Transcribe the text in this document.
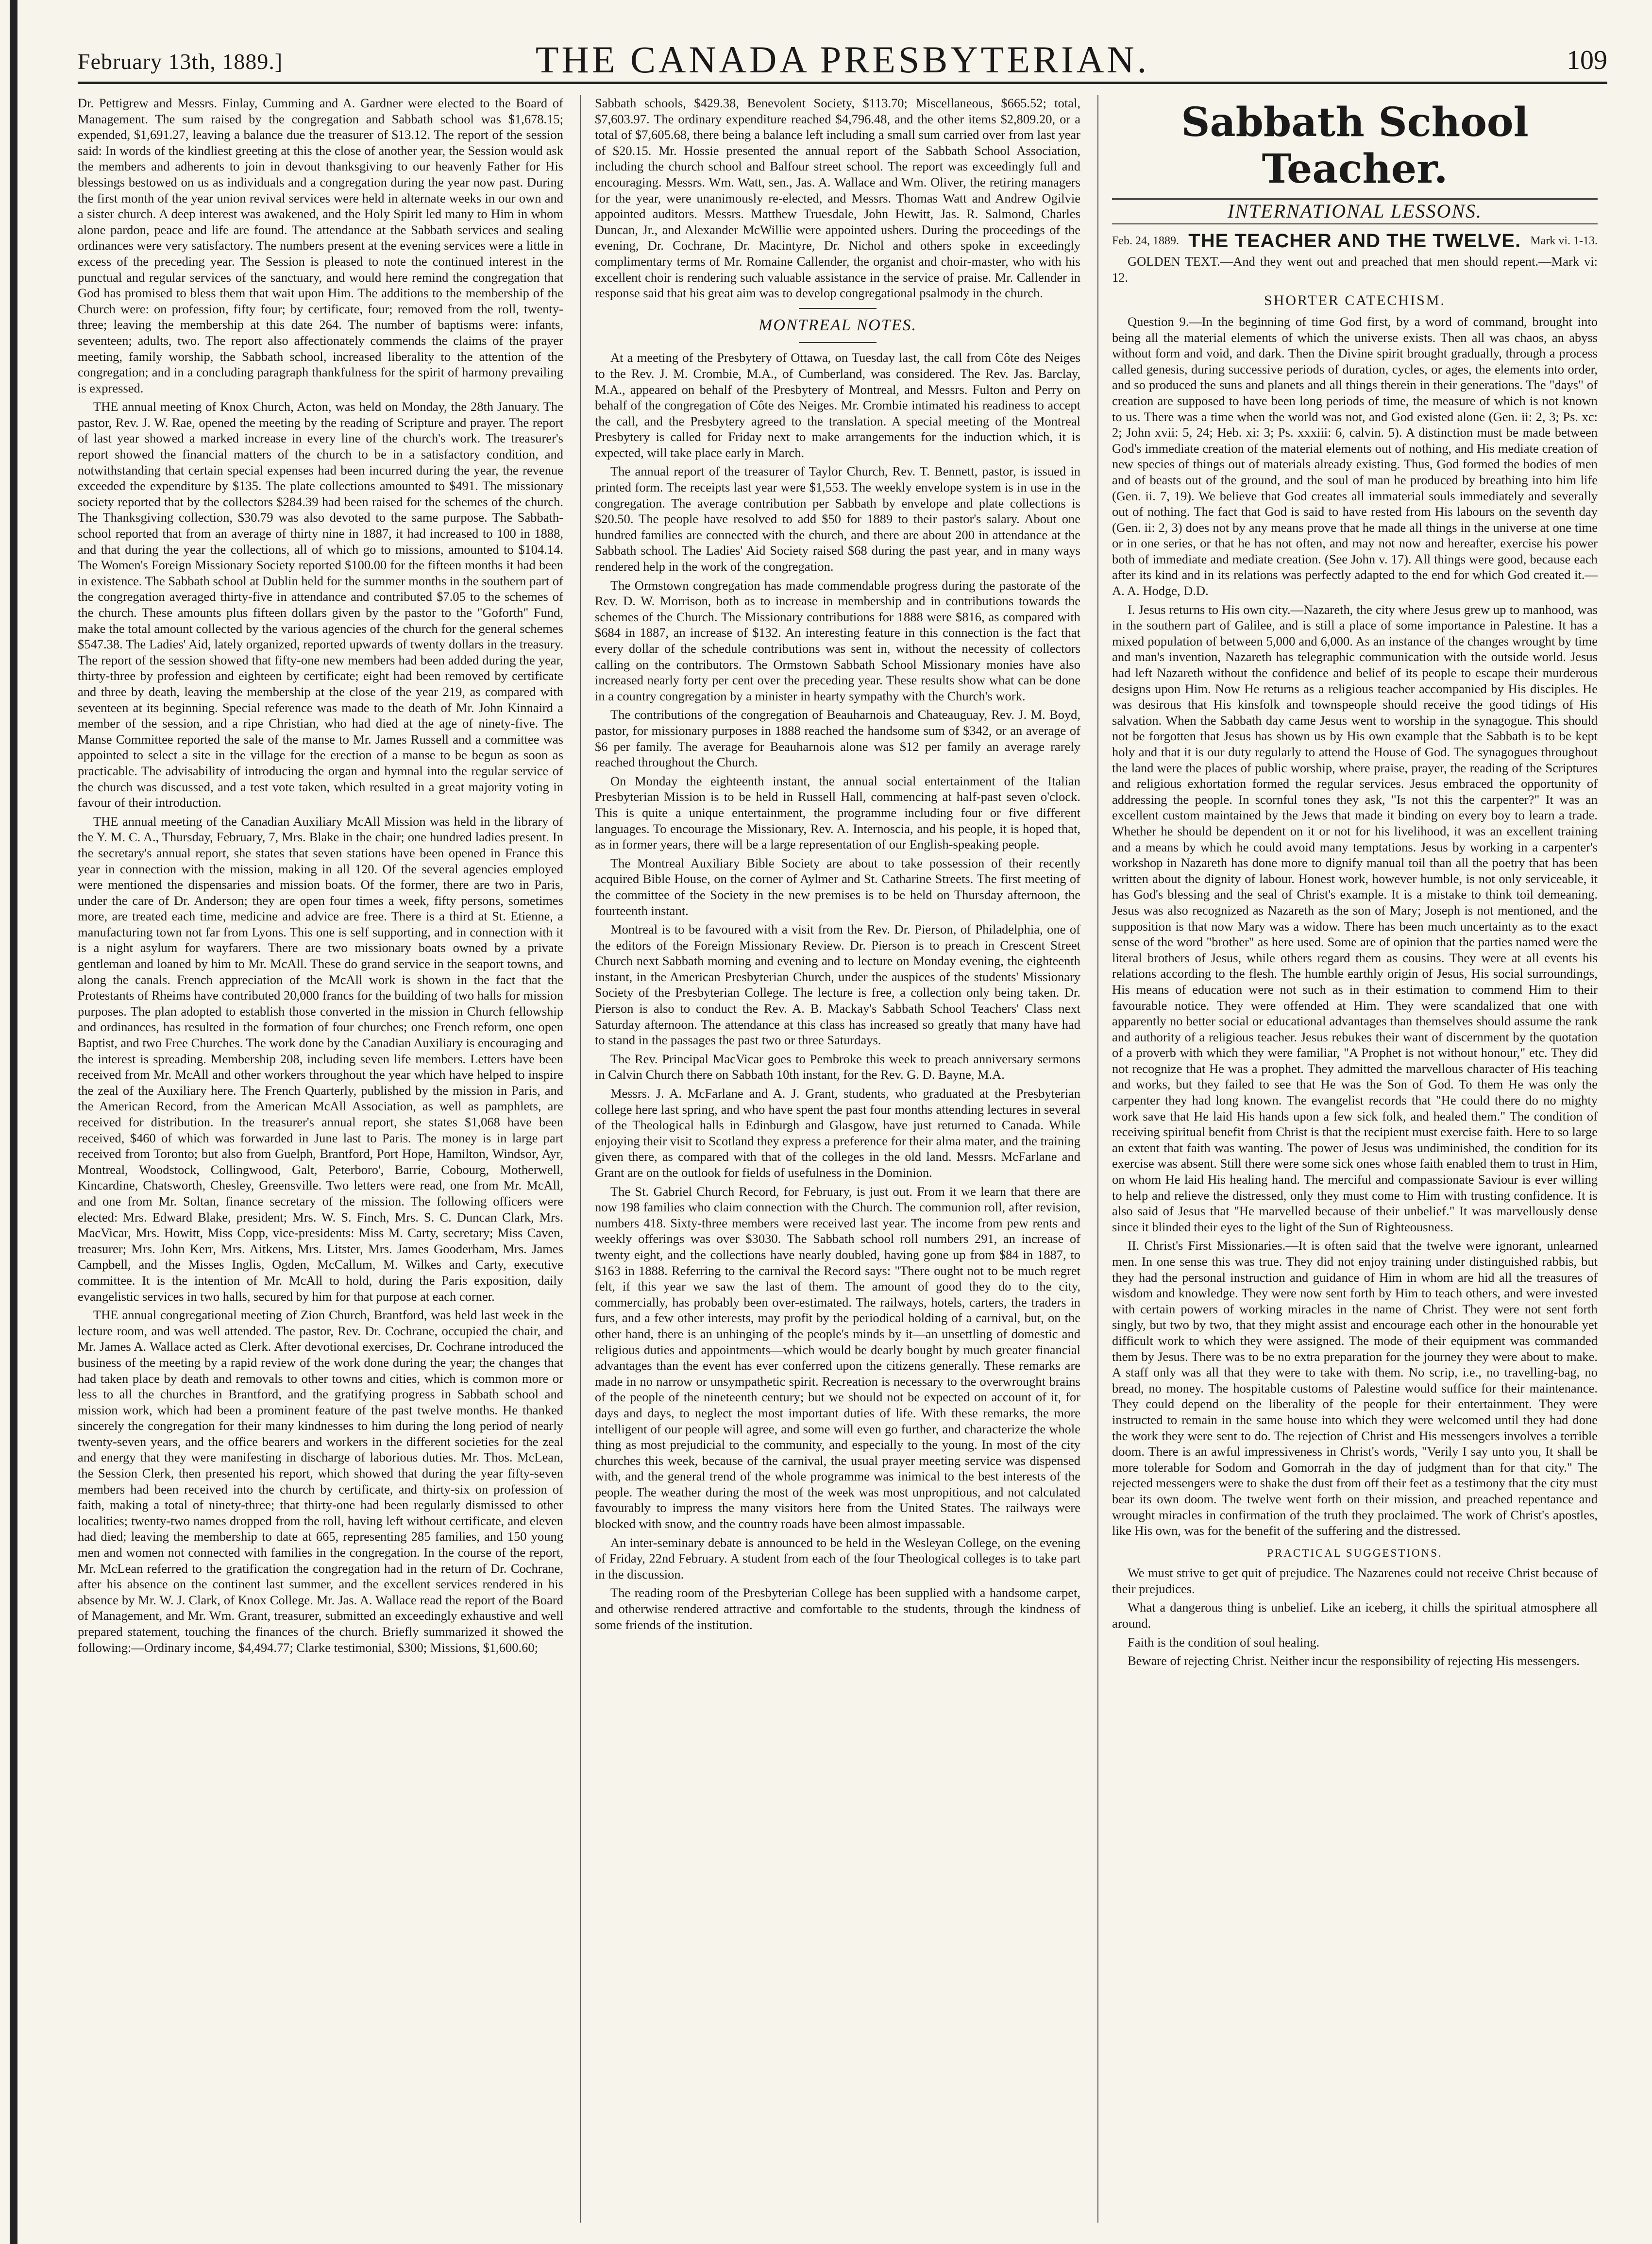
February 13th, 1889.]	THE CANADA PRESBYTERIAN.	109

Dr. Pettigrew and Messrs. Finlay, Cumming and A. Gardner were elected to the Board of Management. The sum raised by the congregation and Sabbath school was $1,678.15; expended, $1,691.27, leaving a balance due the treasurer of $13.12. The report of the session said: In words of the kindliest greeting at this the close of another year, the Session would ask the members and adherents to join in devout thanksgiving to our heavenly Father for His blessings bestowed on us as individuals and a congregation during the year now past. During the first month of the year union revival services were held in alternate weeks in our own and a sister church. A deep interest was awakened, and the Holy Spirit led many to Him in whom alone pardon, peace and life are found. The attendance at the Sabbath services and sealing ordinances were very satisfactory. The numbers present at the evening services were a little in excess of the preceding year. The Session is pleased to note the continued interest in the punctual and regular services of the sanctuary, and would here remind the congregation that God has promised to bless them that wait upon Him. The additions to the membership of the Church were: on profession, fifty four; by certificate, four; removed from the roll, twenty-three; leaving the membership at this date 264. The number of baptisms were: infants, seventeen; adults, two. The report also affectionately commends the claims of the prayer meeting, family worship, the Sabbath school, increased liberality to the attention of the congregation; and in a concluding paragraph thankfulness for the spirit of harmony prevailing is expressed.

THE annual meeting of Knox Church, Acton, was held on Monday, the 28th January. The pastor, Rev. J. W. Rae, opened the meeting by the reading of Scripture and prayer. The report of last year showed a marked increase in every line of the church's work. The treasurer's report showed the financial matters of the church to be in a satisfactory condition, and notwithstanding that certain special expenses had been incurred during the year, the revenue exceeded the expenditure by $135. The plate collections amounted to $491. The missionary society reported that by the collectors $284.39 had been raised for the schemes of the church. The Thanksgiving collection, $30.79 was also devoted to the same purpose. The Sabbath-school reported that from an average of thirty nine in 1887, it had increased to 100 in 1888, and that during the year the collections, all of which go to missions, amounted to $104.14. The Women's Foreign Missionary Society reported $100.00 for the fifteen months it had been in existence. The Sabbath school at Dublin held for the summer months in the southern part of the congregation averaged thirty-five in attendance and contributed $7.05 to the schemes of the church. These amounts plus fifteen dollars given by the pastor to the "Goforth" Fund, make the total amount collected by the various agencies of the church for the general schemes $547.38. The Ladies' Aid, lately organized, reported upwards of twenty dollars in the treasury. The report of the session showed that fifty-one new members had been added during the year, thirty-three by profession and eighteen by certificate; eight had been removed by certificate and three by death, leaving the membership at the close of the year 219, as compared with seventeen at its beginning. Special reference was made to the death of Mr. John Kinnaird a member of the session, and a ripe Christian, who had died at the age of ninety-five. The Manse Committee reported the sale of the manse to Mr. James Russell and a committee was appointed to select a site in the village for the erection of a manse to be begun as soon as practicable. The advisability of introducing the organ and hymnal into the regular service of the church was discussed, and a test vote taken, which resulted in a great majority voting in favour of their introduction.

THE annual meeting of the Canadian Auxiliary McAll Mission was held in the library of the Y. M. C. A., Thursday, February, 7, Mrs. Blake in the chair; one hundred ladies present. In the secretary's annual report, she states that seven stations have been opened in France this year in connection with the mission, making in all 120. Of the several agencies employed were mentioned the dispensaries and mission boats. Of the former, there are two in Paris, under the care of Dr. Anderson; they are open four times a week, fifty persons, sometimes more, are treated each time, medicine and advice are free. There is a third at St. Etienne, a manufacturing town not far from Lyons. This one is self supporting, and in connection with it is a night asylum for wayfarers. There are two missionary boats owned by a private gentleman and loaned by him to Mr. McAll. These do grand service in the seaport towns, and along the canals. French appreciation of the McAll work is shown in the fact that the Protestants of Rheims have contributed 20,000 francs for the building of two halls for mission purposes. The plan adopted to establish those converted in the mission in Church fellowship and ordinances, has resulted in the formation of four churches; one French reform, one open Baptist, and two Free Churches. The work done by the Canadian Auxiliary is encouraging and the interest is spreading. Membership 208, including seven life members. Letters have been received from Mr. McAll and other workers throughout the year which have helped to inspire the zeal of the Auxiliary here. The French Quarterly, published by the mission in Paris, and the American Record, from the American McAll Association, as well as pamphlets, are received for distribution. In the treasurer's annual report, she states $1,068 have been received, $460 of which was forwarded in June last to Paris. The money is in large part received from Toronto; but also from Guelph, Brantford, Port Hope, Hamilton, Windsor, Ayr, Montreal, Woodstock, Collingwood, Galt, Peterboro', Barrie, Cobourg, Motherwell, Kincardine, Chatsworth, Chesley, Greensville. Two letters were read, one from Mr. McAll, and one from Mr. Soltan, finance secretary of the mission. The following officers were elected: Mrs. Edward Blake, president; Mrs. W. S. Finch, Mrs. S. C. Duncan Clark, Mrs. MacVicar, Mrs. Howitt, Miss Copp, vice-presidents: Miss M. Carty, secretary; Miss Caven, treasurer; Mrs. John Kerr, Mrs. Aitkens, Mrs. Litster, Mrs. James Gooderham, Mrs. James Campbell, and the Misses Inglis, Ogden, McCallum, M. Wilkes and Carty, executive committee. It is the intention of Mr. McAll to hold, during the Paris exposition, daily evangelistic services in two halls, secured by him for that purpose at each corner.

THE annual congregational meeting of Zion Church, Brantford, was held last week in the lecture room, and was well attended. The pastor, Rev. Dr. Cochrane, occupied the chair, and Mr. James A. Wallace acted as Clerk. After devotional exercises, Dr. Cochrane introduced the business of the meeting by a rapid review of the work done during the year; the changes that had taken place by death and removals to other towns and cities, which is common more or less to all the churches in Brantford, and the gratifying progress in Sabbath school and mission work, which had been a prominent feature of the past twelve months. He thanked sincerely the congregation for their many kindnesses to him during the long period of nearly twenty-seven years, and the office bearers and workers in the different societies for the zeal and energy that they were manifesting in discharge of laborious duties. Mr. Thos. McLean, the Session Clerk, then presented his report, which showed that during the year fifty-seven members had been received into the church by certificate, and thirty-six on profession of faith, making a total of ninety-three; that thirty-one had been regularly dismissed to other localities; twenty-two names dropped from the roll, having left without certificate, and eleven had died; leaving the membership to date at 665, representing 285 families, and 150 young men and women not connected with families in the congregation. In the course of the report, Mr. McLean referred to the gratification the congregation had in the return of Dr. Cochrane, after his absence on the continent last summer, and the excellent services rendered in his absence by Mr. W. J. Clark, of Knox College. Mr. Jas. A. Wallace read the report of the Board of Management, and Mr. Wm. Grant, treasurer, submitted an exceedingly exhaustive and well prepared statement, touching the finances of the church. Briefly summarized it showed the following:—Ordinary income, $4,494.77; Clarke testimonial, $300; Missions, $1,600.60;

Sabbath schools, $429.38, Benevolent Society, $113.70; Miscellaneous, $665.52; total, $7,603.97. The ordinary expenditure reached $4,796.48, and the other items $2,809.20, or a total of $7,605.68, there being a balance left including a small sum carried over from last year of $20.15. Mr. Hossie presented the annual report of the Sabbath School Association, including the church school and Balfour street school. The report was exceedingly full and encouraging. Messrs. Wm. Watt, sen., Jas. A. Wallace and Wm. Oliver, the retiring managers for the year, were unanimously re-elected, and Messrs. Thomas Watt and Andrew Ogilvie appointed auditors. Messrs. Matthew Truesdale, John Hewitt, Jas. R. Salmond, Charles Duncan, Jr., and Alexander McWillie were appointed ushers. During the proceedings of the evening, Dr. Cochrane, Dr. Macintyre, Dr. Nichol and others spoke in exceedingly complimentary terms of Mr. Romaine Callender, the organist and choir-master, who with his excellent choir is rendering such valuable assistance in the service of praise. Mr. Callender in response said that his great aim was to develop congregational psalmody in the church.

MONTREAL NOTES.

At a meeting of the Presbytery of Ottawa, on Tuesday last, the call from Côte des Neiges to the Rev. J. M. Crombie, M.A., of Cumberland, was considered. The Rev. Jas. Barclay, M.A., appeared on behalf of the Presbytery of Montreal, and Messrs. Fulton and Perry on behalf of the congregation of Côte des Neiges. Mr. Crombie intimated his readiness to accept the call, and the Presbytery agreed to the translation. A special meeting of the Montreal Presbytery is called for Friday next to make arrangements for the induction which, it is expected, will take place early in March.

The annual report of the treasurer of Taylor Church, Rev. T. Bennett, pastor, is issued in printed form. The receipts last year were $1,553. The weekly envelope system is in use in the congregation. The average contribution per Sabbath by envelope and plate collections is $20.50. The people have resolved to add $50 for 1889 to their pastor's salary. About one hundred families are connected with the church, and there are about 200 in attendance at the Sabbath school. The Ladies' Aid Society raised $68 during the past year, and in many ways rendered help in the work of the congregation.

The Ormstown congregation has made commendable progress during the pastorate of the Rev. D. W. Morrison, both as to increase in membership and in contributions towards the schemes of the Church. The Missionary contributions for 1888 were $816, as compared with $684 in 1887, an increase of $132. An interesting feature in this connection is the fact that every dollar of the schedule contributions was sent in, without the necessity of collectors calling on the contributors. The Ormstown Sabbath School Missionary monies have also increased nearly forty per cent over the preceding year. These results show what can be done in a country congregation by a minister in hearty sympathy with the Church's work.

The contributions of the congregation of Beauharnois and Chateauguay, Rev. J. M. Boyd, pastor, for missionary purposes in 1888 reached the handsome sum of $342, or an average of $6 per family. The average for Beauharnois alone was $12 per family an average rarely reached throughout the Church.

On Monday the eighteenth instant, the annual social entertainment of the Italian Presbyterian Mission is to be held in Russell Hall, commencing at half-past seven o'clock. This is quite a unique entertainment, the programme including four or five different languages. To encourage the Missionary, Rev. A. Internoscia, and his people, it is hoped that, as in former years, there will be a large representation of our English-speaking people.

The Montreal Auxiliary Bible Society are about to take possession of their recently acquired Bible House, on the corner of Aylmer and St. Catharine Streets. The first meeting of the committee of the Society in the new premises is to be held on Thursday afternoon, the fourteenth instant.

Montreal is to be favoured with a visit from the Rev. Dr. Pierson, of Philadelphia, one of the editors of the Foreign Missionary Review. Dr. Pierson is to preach in Crescent Street Church next Sabbath morning and evening and to lecture on Monday evening, the eighteenth instant, in the American Presbyterian Church, under the auspices of the students' Missionary Society of the Presbyterian College. The lecture is free, a collection only being taken. Dr. Pierson is also to conduct the Rev. A. B. Mackay's Sabbath School Teachers' Class next Saturday afternoon. The attendance at this class has increased so greatly that many have had to stand in the passages the past two or three Saturdays.

The Rev. Principal MacVicar goes to Pembroke this week to preach anniversary sermons in Calvin Church there on Sabbath 10th instant, for the Rev. G. D. Bayne, M.A.

Messrs. J. A. McFarlane and A. J. Grant, students, who graduated at the Presbyterian college here last spring, and who have spent the past four months attending lectures in several of the Theological halls in Edinburgh and Glasgow, have just returned to Canada. While enjoying their visit to Scotland they express a preference for their alma mater, and the training given there, as compared with that of the colleges in the old land. Messrs. McFarlane and Grant are on the outlook for fields of usefulness in the Dominion.

The St. Gabriel Church Record, for February, is just out. From it we learn that there are now 198 families who claim connection with the Church. The communion roll, after revision, numbers 418. Sixty-three members were received last year. The income from pew rents and weekly offerings was over $3030. The Sabbath school roll numbers 291, an increase of twenty eight, and the collections have nearly doubled, having gone up from $84 in 1887, to $163 in 1888. Referring to the carnival the Record says: "There ought not to be much regret felt, if this year we saw the last of them. The amount of good they do to the city, commercially, has probably been over-estimated. The railways, hotels, carters, the traders in furs, and a few other interests, may profit by the periodical holding of a carnival, but, on the other hand, there is an unhinging of the people's minds by it—an unsettling of domestic and religious duties and appointments—which would be dearly bought by much greater financial advantages than the event has ever conferred upon the citizens generally. These remarks are made in no narrow or unsympathetic spirit. Recreation is necessary to the overwrought brains of the people of the nineteenth century; but we should not be expected on account of it, for days and days, to neglect the most important duties of life. With these remarks, the more intelligent of our people will agree, and some will even go further, and characterize the whole thing as most prejudicial to the community, and especially to the young. In most of the city churches this week, because of the carnival, the usual prayer meeting service was dispensed with, and the general trend of the whole programme was inimical to the best interests of the people. The weather during the most of the week was most unpropitious, and not calculated favourably to impress the many visitors here from the United States. The railways were blocked with snow, and the country roads have been almost impassable.

An inter-seminary debate is announced to be held in the Wesleyan College, on the evening of Friday, 22nd February. A student from each of the four Theological colleges is to take part in the discussion.

The reading room of the Presbyterian College has been supplied with a handsome carpet, and otherwise rendered attractive and comfortable to the students, through the kindness of some friends of the institution.

Sabbath School Teacher.
INTERNATIONAL LESSONS.
Feb. 24, 1889. THE TEACHER AND THE TWELVE. Mark vi. 1-13.

GOLDEN TEXT.—And they went out and preached that men should repent.—Mark vi: 12.

SHORTER CATECHISM.

Question 9.—In the beginning of time God first, by a word of command, brought into being all the material elements of which the universe exists. Then all was chaos, an abyss without form and void, and dark. Then the Divine spirit brought gradually, through a process called genesis, during successive periods of duration, cycles, or ages, the elements into order, and so produced the suns and planets and all things therein in their generations. The "days" of creation are supposed to have been long periods of time, the measure of which is not known to us. There was a time when the world was not, and God existed alone (Gen. ii: 2, 3; Ps. xc: 2; John xvii: 5, 24; Heb. xi: 3; Ps. xxxiii: 6, calvin. 5). A distinction must be made between God's immediate creation of the material elements out of nothing, and His mediate creation of new species of things out of materials already existing. Thus, God formed the bodies of men and of beasts out of the ground, and the soul of man he produced by breathing into him life (Gen. ii. 7, 19). We believe that God creates all immaterial souls immediately and severally out of nothing. The fact that God is said to have rested from His labours on the seventh day (Gen. ii: 2, 3) does not by any means prove that he made all things in the universe at one time or in one series, or that he has not often, and may not now and hereafter, exercise his power both of immediate and mediate creation. (See John v. 17). All things were good, because each after its kind and in its relations was perfectly adapted to the end for which God created it.—A. A. Hodge, D.D.

I. Jesus returns to His own city.—Nazareth, the city where Jesus grew up to manhood, was in the southern part of Galilee, and is still a place of some importance in Palestine. It has a mixed population of between 5,000 and 6,000. As an instance of the changes wrought by time and man's invention, Nazareth has telegraphic communication with the outside world. Jesus had left Nazareth without the confidence and belief of its people to escape their murderous designs upon Him. Now He returns as a religious teacher accompanied by His disciples. He was desirous that His kinsfolk and townspeople should receive the good tidings of His salvation. When the Sabbath day came Jesus went to worship in the synagogue. This should not be forgotten that Jesus has shown us by His own example that the Sabbath is to be kept holy and that it is our duty regularly to attend the House of God. The synagogues throughout the land were the places of public worship, where praise, prayer, the reading of the Scriptures and religious exhortation formed the regular services. Jesus embraced the opportunity of addressing the people. In scornful tones they ask, "Is not this the carpenter?" It was an excellent custom maintained by the Jews that made it binding on every boy to learn a trade. Whether he should be dependent on it or not for his livelihood, it was an excellent training and a means by which he could avoid many temptations. Jesus by working in a carpenter's workshop in Nazareth has done more to dignify manual toil than all the poetry that has been written about the dignity of labour. Honest work, however humble, is not only serviceable, it has God's blessing and the seal of Christ's example. It is a mistake to think toil demeaning. Jesus was also recognized as Nazareth as the son of Mary; Joseph is not mentioned, and the supposition is that now Mary was a widow. There has been much uncertainty as to the exact sense of the word "brother" as here used. Some are of opinion that the parties named were the literal brothers of Jesus, while others regard them as cousins. They were at all events his relations according to the flesh. The humble earthly origin of Jesus, His social surroundings, His means of education were not such as in their estimation to commend Him to their favourable notice. They were offended at Him. They were scandalized that one with apparently no better social or educational advantages than themselves should assume the rank and authority of a religious teacher. Jesus rebukes their want of discernment by the quotation of a proverb with which they were familiar, "A Prophet is not without honour," etc. They did not recognize that He was a prophet. They admitted the marvellous character of His teaching and works, but they failed to see that He was the Son of God. To them He was only the carpenter they had long known. The evangelist records that "He could there do no mighty work save that He laid His hands upon a few sick folk, and healed them." The condition of receiving spiritual benefit from Christ is that the recipient must exercise faith. Here to so large an extent that faith was wanting. The power of Jesus was undiminished, the condition for its exercise was absent. Still there were some sick ones whose faith enabled them to trust in Him, on whom He laid His healing hand. The merciful and compassionate Saviour is ever willing to help and relieve the distressed, only they must come to Him with trusting confidence. It is also said of Jesus that "He marvelled because of their unbelief." It was marvellously dense since it blinded their eyes to the light of the Sun of Righteousness.

II. Christ's First Missionaries.—It is often said that the twelve were ignorant, unlearned men. In one sense this was true. They did not enjoy training under distinguished rabbis, but they had the personal instruction and guidance of Him in whom are hid all the treasures of wisdom and knowledge. They were now sent forth by Him to teach others, and were invested with certain powers of working miracles in the name of Christ. They were not sent forth singly, but two by two, that they might assist and encourage each other in the honourable yet difficult work to which they were assigned. The mode of their equipment was commanded them by Jesus. There was to be no extra preparation for the journey they were about to make. A staff only was all that they were to take with them. No scrip, i.e., no travelling-bag, no bread, no money. The hospitable customs of Palestine would suffice for their maintenance. They could depend on the liberality of the people for their entertainment. They were instructed to remain in the same house into which they were welcomed until they had done the work they were sent to do. The rejection of Christ and His messengers involves a terrible doom. There is an awful impressiveness in Christ's words, "Verily I say unto you, It shall be more tolerable for Sodom and Gomorrah in the day of judgment than for that city." The rejected messengers were to shake the dust from off their feet as a testimony that the city must bear its own doom. The twelve went forth on their mission, and preached repentance and wrought miracles in confirmation of the truth they proclaimed. The work of Christ's apostles, like His own, was for the benefit of the suffering and the distressed.

PRACTICAL SUGGESTIONS.

We must strive to get quit of prejudice. The Nazarenes could not receive Christ because of their prejudices.

What a dangerous thing is unbelief. Like an iceberg, it chills the spiritual atmosphere all around.

Faith is the condition of soul healing.

Beware of rejecting Christ. Neither incur the responsibility of rejecting His messengers.
